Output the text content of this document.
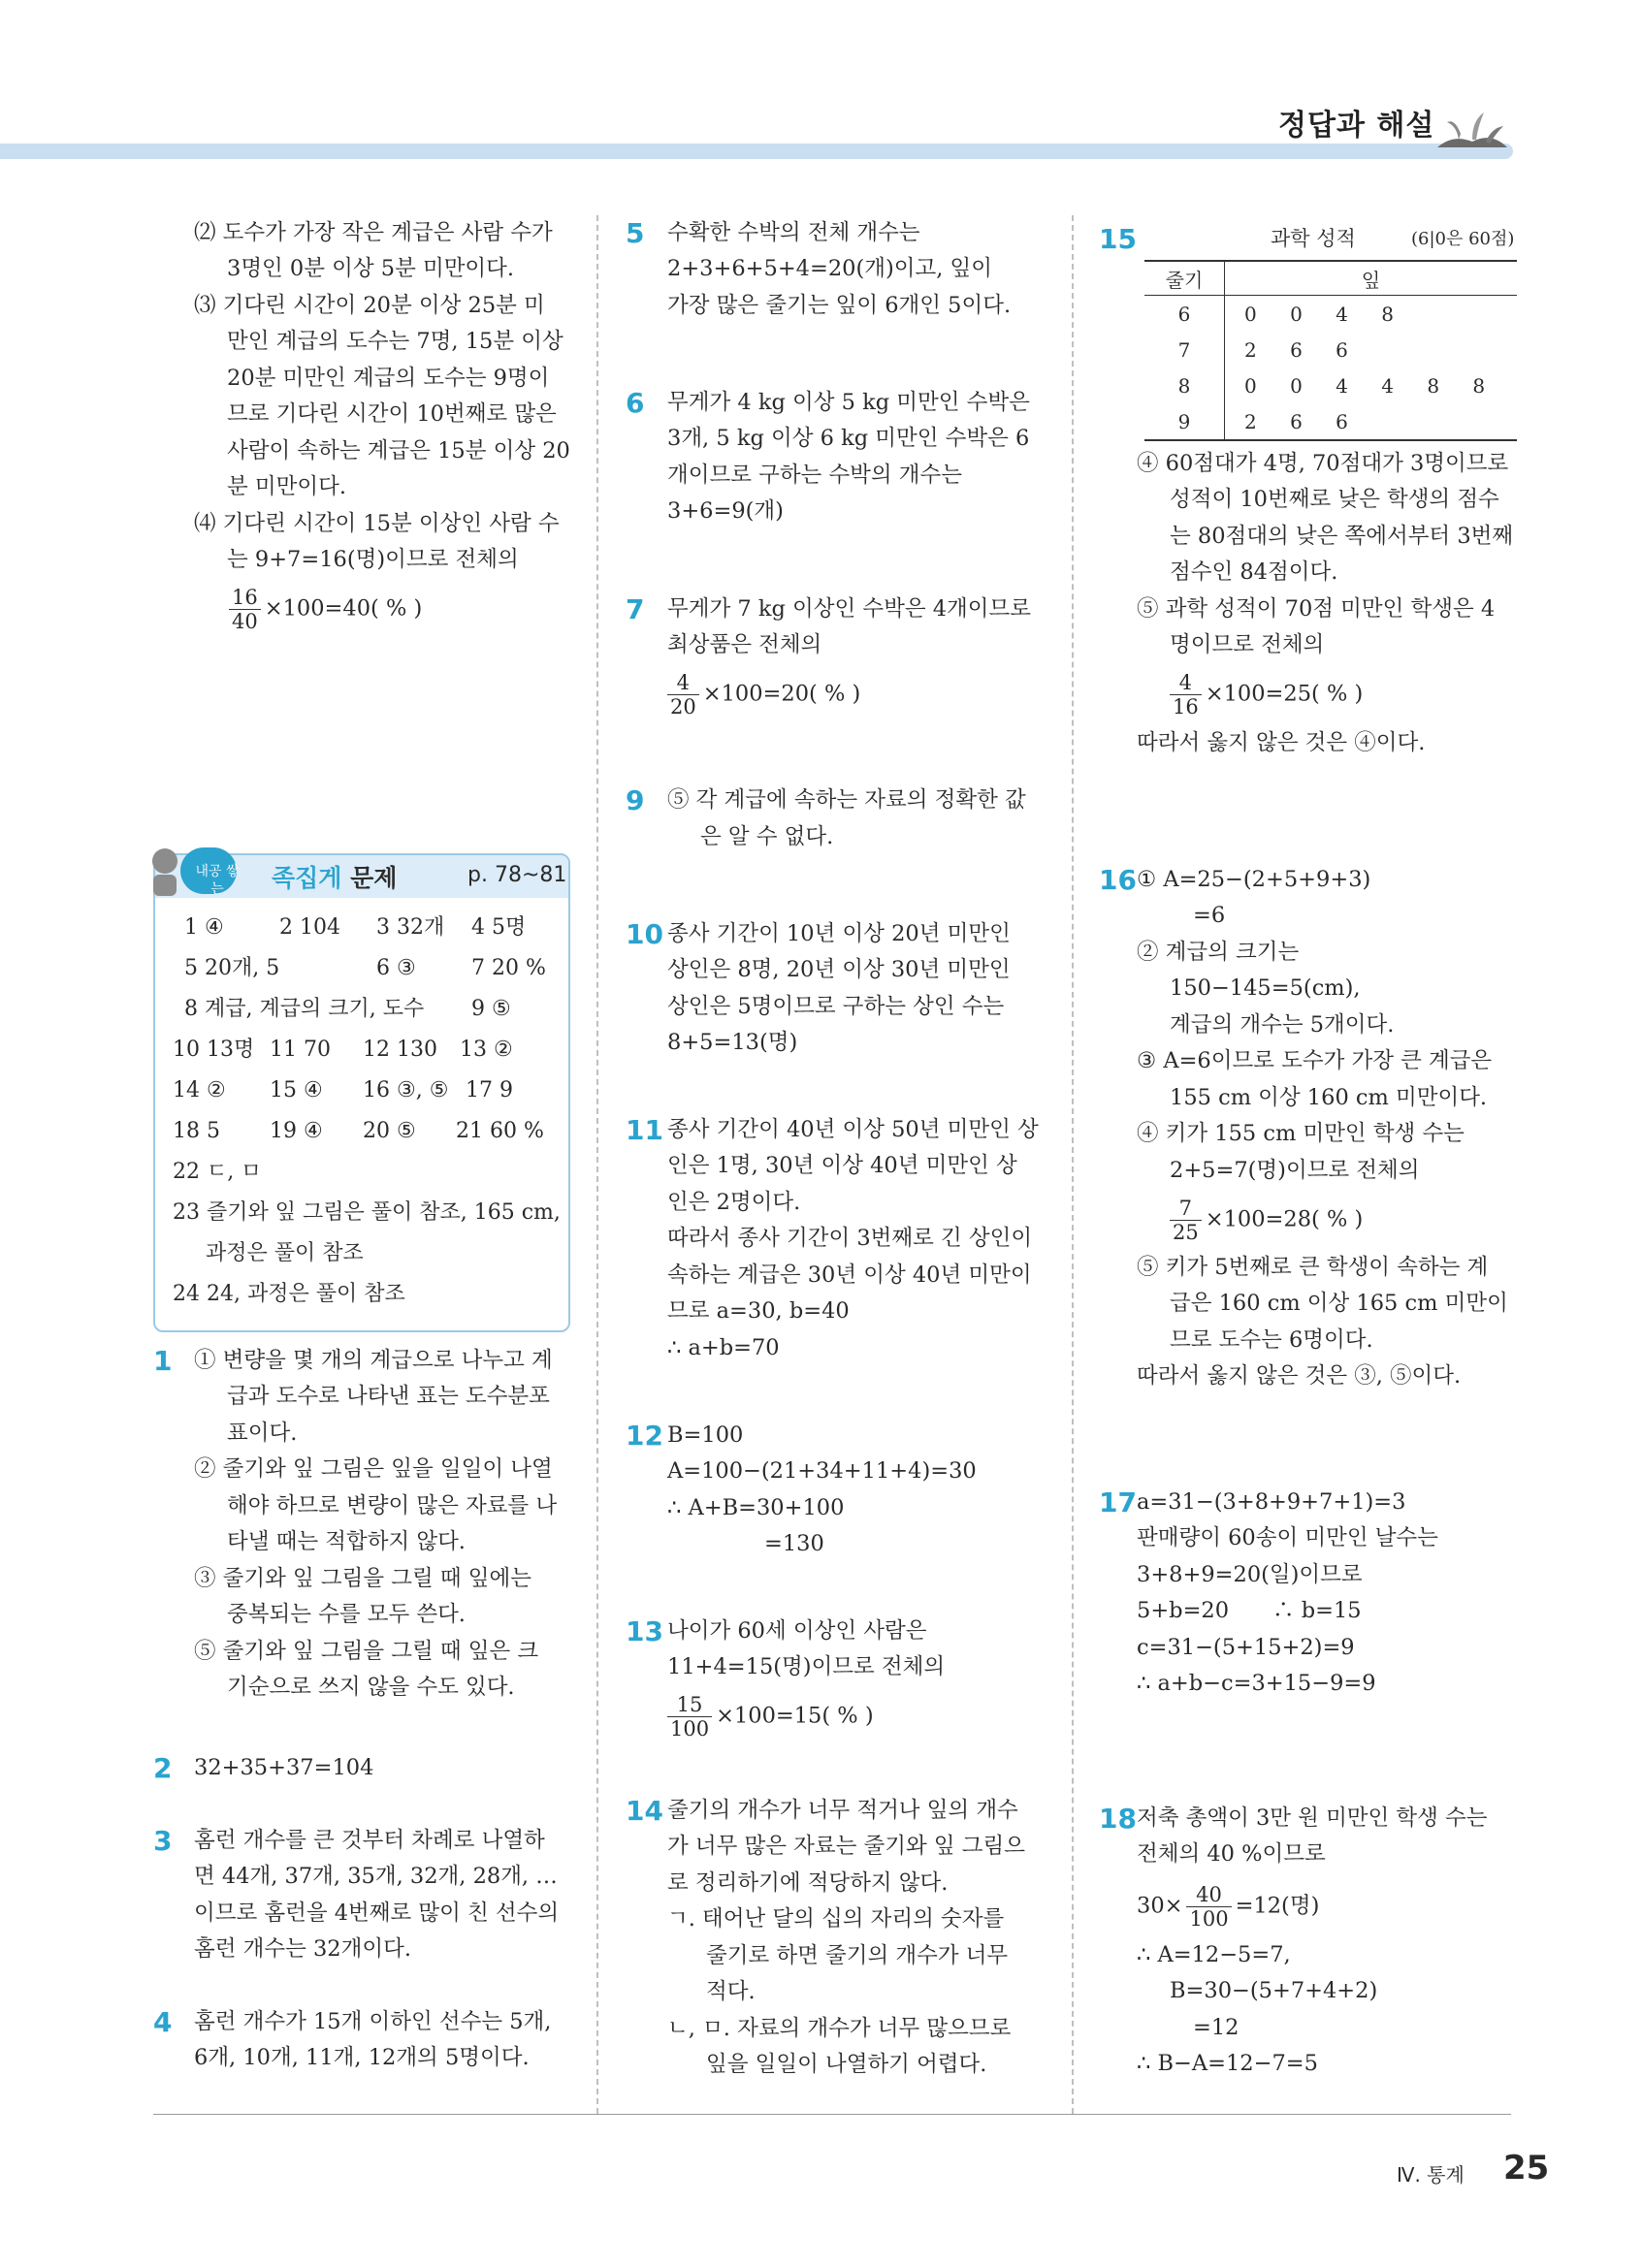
정답과 해설
⑵ 도수가 가장 작은 계급은 사람 수가
3명인 0분 이상 5분 미만이다.
⑶ 기다린 시간이 20분 이상 25분 미
만인 계급의 도수는 7명, 15분 이상
20분 미만인 계급의 도수는 9명이
므로 기다린 시간이 10번째로 많은
사람이 속하는 계급은 15분 이상 20
분 미만이다.
⑷ 기다린 시간이 15분 이상인 사람 수
는 9+7=16(명)이므로 전체의
$\frac{16}{40} \times 100=40$( % )
내공 쌓는	족집게 문제	p. 78~81
1 ④	2 104 3 32개 4 5명
5 20개, 5	6 ③	7 20 %
8 계급, 계급의 크기, 도수 9 ⑤
10 13명 11 70 12 130 13 ②
14 ② 15 ④ 16 ③, ⑤ 17 9
18 5 19 ④ 20 ⑤ 21 60 %
22 ㄷ, ㅁ
23 즐기와 잎 그림은 풀이 참조, 165 cm,
과정은 풀이 참조
24 24, 과정은 풀이 참조
1 ① 변량을 몇 개의 계급으로 나누고 계
급과 도수로 나타낸 표는 도수분포
표이다.
② 줄기와 잎 그림은 잎을 일일이 나열
해야 하므로 변량이 많은 자료를 나
타낼 때는 적합하지 않다.
③ 줄기와 잎 그림을 그릴 때 잎에는
중복되는 수를 모두 쓴다.
⑤ 줄기와 잎 그림을 그릴 때 잎은 크
기순으로 쓰지 않을 수도 있다.
2 32+35+37=104
3 홈런 개수를 큰 것부터 차례로 나열하
면 44개, 37개, 35개, 32개, 28개, …
이므로 홈런을 4번째로 많이 친 선수의
홈런 개수는 32개이다.
4 홈런 개수가 15개 이하인 선수는 5개,
6개, 10개, 11개, 12개의 5명이다.
5 수확한 수박의 전체 개수는
2+3+6+5+4=20(개)이고, 잎이
가장 많은 줄기는 잎이 6개인 5이다.
6 무게가 4 kg 이상 5 kg 미만인 수박은
3개, 5 kg 이상 6 kg 미만인 수박은 6
개이므로 구하는 수박의 개수는
3+6=9(개)
7 무게가 7 kg 이상인 수박은 4개이므로
최상품은 전체의
$\frac{4}{20} \times 100=20$( % )
9 ⑤ 각 계급에 속하는 자료의 정확한 값
은 알 수 없다.
10 종사 기간이 10년 이상 20년 미만인
상인은 8명, 20년 이상 30년 미만인
상인은 5명이므로 구하는 상인 수는
8+5=13(명)
11 종사 기간이 40년 이상 50년 미만인 상
인은 1명, 30년 이상 40년 미만인 상
인은 2명이다.
따라서 종사 기간이 3번째로 긴 상인이
속하는 계급은 30년 이상 40년 미만이
므로 a=30, b=40
∴ a+b=70
12 B=100
A=100−(21+34+11+4)=30
∴ A+B=30+100
=130
13 나이가 60세 이상인 사람은
11+4=15(명)이므로 전체의
$\frac{15}{100} \times 100=15$( % )
14 줄기의 개수가 너무 적거나 잎의 개수
가 너무 많은 자료는 줄기와 잎 그림으
로 정리하기에 적당하지 않다.
ㄱ. 태어난 달의 십의 자리의 숫자를
줄기로 하면 줄기의 개수가 너무
적다.
ㄴ, ㅁ. 자료의 개수가 너무 많으므로
잎을 일일이 나열하기 어렵다.
15	과학 성적	(6|0은 60점)
줄기	잎
6	0 0 4 8
7	2 6 6
8	0 0 4 4 8 8
9	2 6 6
④ 60점대가 4명, 70점대가 3명이므로
성적이 10번째로 낮은 학생의 점수
는 80점대의 낮은 쪽에서부터 3번째
점수인 84점이다.
⑤ 과학 성적이 70점 미만인 학생은 4
명이므로 전체의
$\frac{4}{16} \times 100=25$( % )
따라서 옳지 않은 것은 ④이다.
16 ① A=25−(2+5+9+3)
=6
② 계급의 크기는
150−145=5(cm),
계급의 개수는 5개이다.
③ A=6이므로 도수가 가장 큰 계급은
155 cm 이상 160 cm 미만이다.
④ 키가 155 cm 미만인 학생 수는
2+5=7(명)이므로 전체의
$\frac{7}{25} \times 100=28$( % )
⑤ 키가 5번째로 큰 학생이 속하는 계
급은 160 cm 이상 165 cm 미만이
므로 도수는 6명이다.
따라서 옳지 않은 것은 ③, ⑤이다.
17 a=31−(3+8+9+7+1)=3
판매량이 60송이 미만인 날수는
3+8+9=20(일)이므로
5+b=20　　∴ b=15
c=31−(5+15+2)=9
∴ a+b−c=3+15−9=9
18 저축 총액이 3만 원 미만인 학생 수는
전체의 40 %이므로
$30\times \frac{40}{100} =12$(명)
∴ A=12−5=7,
B=30−(5+7+4+2)
=12
∴ B−A=12−7=5
Ⅳ. 통계 25
